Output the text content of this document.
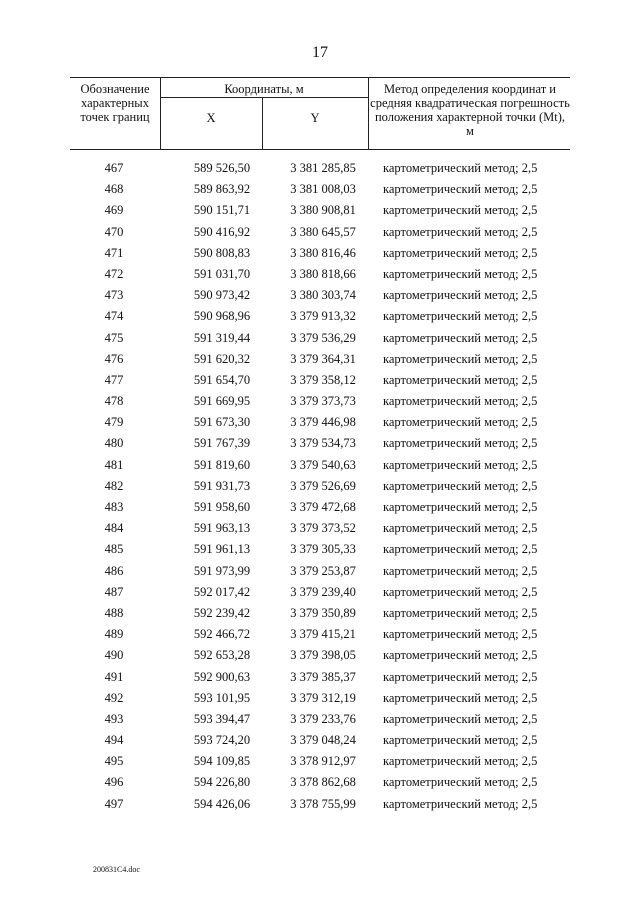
17
Обозначение характерных точек границ
Координаты, м
X	Y
Метод определения координат и средняя квадратическая погрешность положения характерной точки (Mt), м
467	589 526,50	3 381 285,85	картометрический метод; 2,5
468	589 863,92	3 381 008,03	картометрический метод; 2,5
469	590 151,71	3 380 908,81	картометрический метод; 2,5
470	590 416,92	3 380 645,57	картометрический метод; 2,5
471	590 808,83	3 380 816,46	картометрический метод; 2,5
472	591 031,70	3 380 818,66	картометрический метод; 2,5
473	590 973,42	3 380 303,74	картометрический метод; 2,5
474	590 968,96	3 379 913,32	картометрический метод; 2,5
475	591 319,44	3 379 536,29	картометрический метод; 2,5
476	591 620,32	3 379 364,31	картометрический метод; 2,5
477	591 654,70	3 379 358,12	картометрический метод; 2,5
478	591 669,95	3 379 373,73	картометрический метод; 2,5
479	591 673,30	3 379 446,98	картометрический метод; 2,5
480	591 767,39	3 379 534,73	картометрический метод; 2,5
481	591 819,60	3 379 540,63	картометрический метод; 2,5
482	591 931,73	3 379 526,69	картометрический метод; 2,5
483	591 958,60	3 379 472,68	картометрический метод; 2,5
484	591 963,13	3 379 373,52	картометрический метод; 2,5
485	591 961,13	3 379 305,33	картометрический метод; 2,5
486	591 973,99	3 379 253,87	картометрический метод; 2,5
487	592 017,42	3 379 239,40	картометрический метод; 2,5
488	592 239,42	3 379 350,89	картометрический метод; 2,5
489	592 466,72	3 379 415,21	картометрический метод; 2,5
490	592 653,28	3 379 398,05	картометрический метод; 2,5
491	592 900,63	3 379 385,37	картометрический метод; 2,5
492	593 101,95	3 379 312,19	картометрический метод; 2,5
493	593 394,47	3 379 233,76	картометрический метод; 2,5
494	593 724,20	3 379 048,24	картометрический метод; 2,5
495	594 109,85	3 378 912,97	картометрический метод; 2,5
496	594 226,80	3 378 862,68	картометрический метод; 2,5
497	594 426,06	3 378 755,99	картометрический метод; 2,5
200831C4.doc
